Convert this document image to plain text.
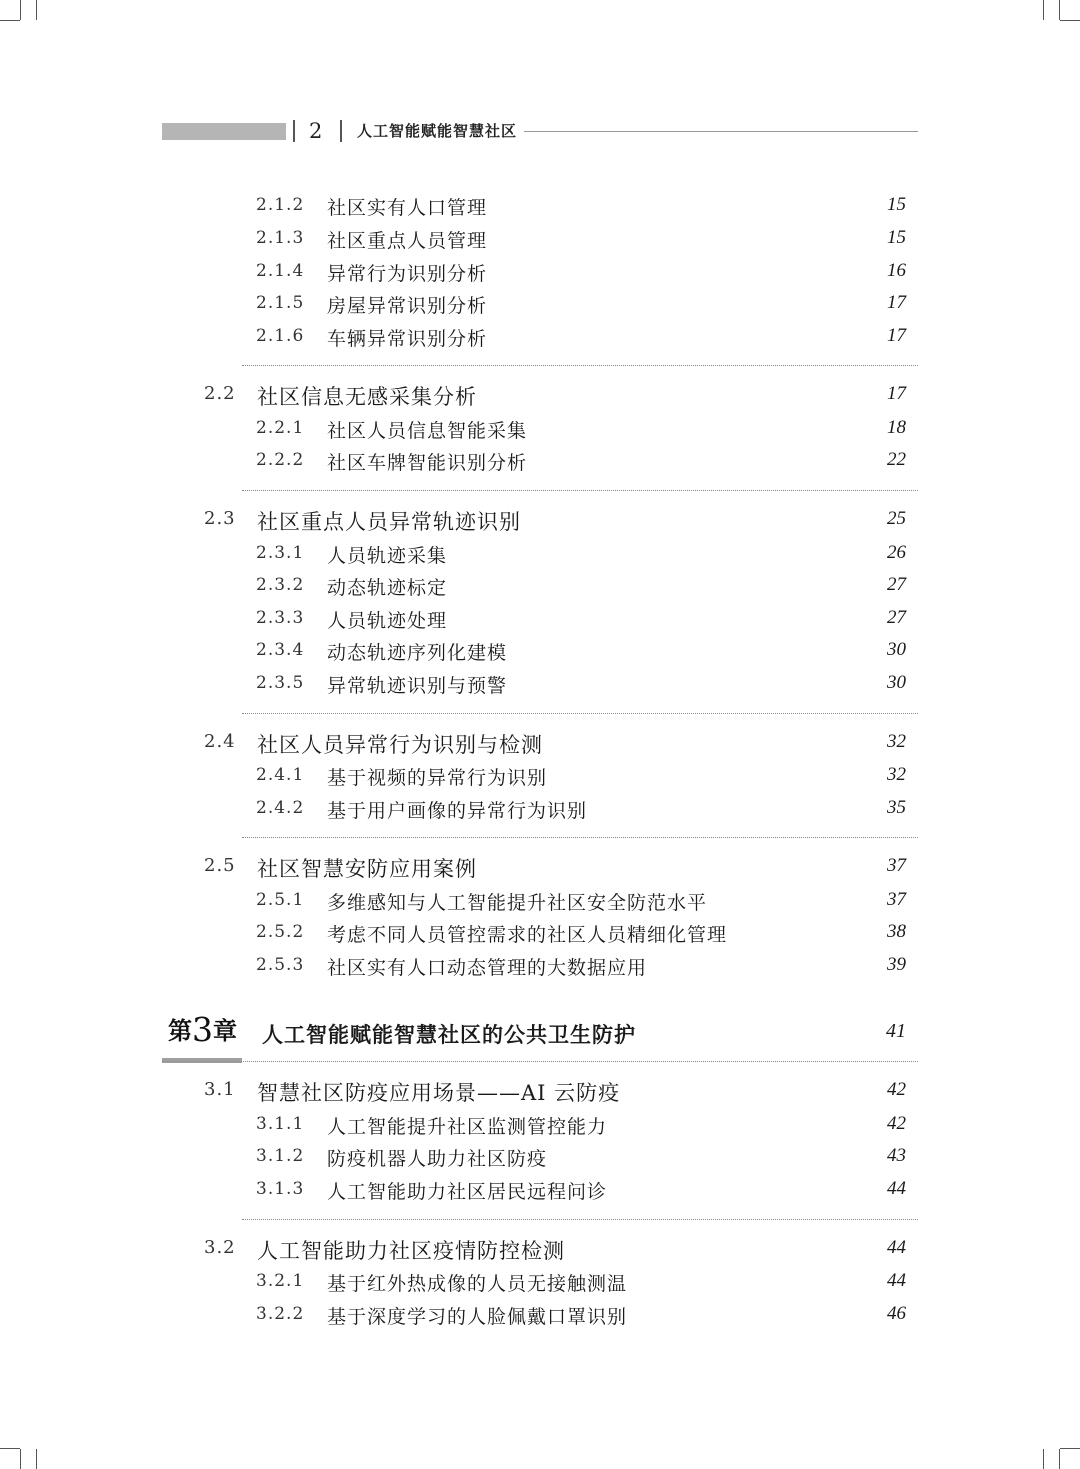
2 人工智能赋能智慧社区
2.1.2 社区实有人口管理	15
2.1.3 社区重点人员管理	15
2.1.4 异常行为识别分析	16
2.1.5 房屋异常识别分析	17
2.1.6 车辆异常识别分析	17
2.2 社区信息无感采集分析	17
2.2.1 社区人员信息智能采集	18
2.2.2 社区车牌智能识别分析	22
2.3 社区重点人员异常轨迹识别	25
2.3.1 人员轨迹采集	26
2.3.2 动态轨迹标定	27
2.3.3 人员轨迹处理	27
2.3.4 动态轨迹序列化建模	30
2.3.5 异常轨迹识别与预警	30
2.4 社区人员异常行为识别与检测	32
2.4.1 基于视频的异常行为识别	32
2.4.2 基于用户画像的异常行为识别	35
2.5 社区智慧安防应用案例	37
2.5.1 多维感知与人工智能提升社区安全防范水平	37
2.5.2 考虑不同人员管控需求的社区人员精细化管理	38
2.5.3 社区实有人口动态管理的大数据应用	39
第3章 人工智能赋能智慧社区的公共卫生防护	41
3.1 智慧社区防疫应用场景——AI 云防疫	42
3.1.1 人工智能提升社区监测管控能力	42
3.1.2 防疫机器人助力社区防疫	43
3.1.3 人工智能助力社区居民远程问诊	44
3.2 人工智能助力社区疫情防控检测	44
3.2.1 基于红外热成像的人员无接触测温	44
3.2.2 基于深度学习的人脸佩戴口罩识别	46
